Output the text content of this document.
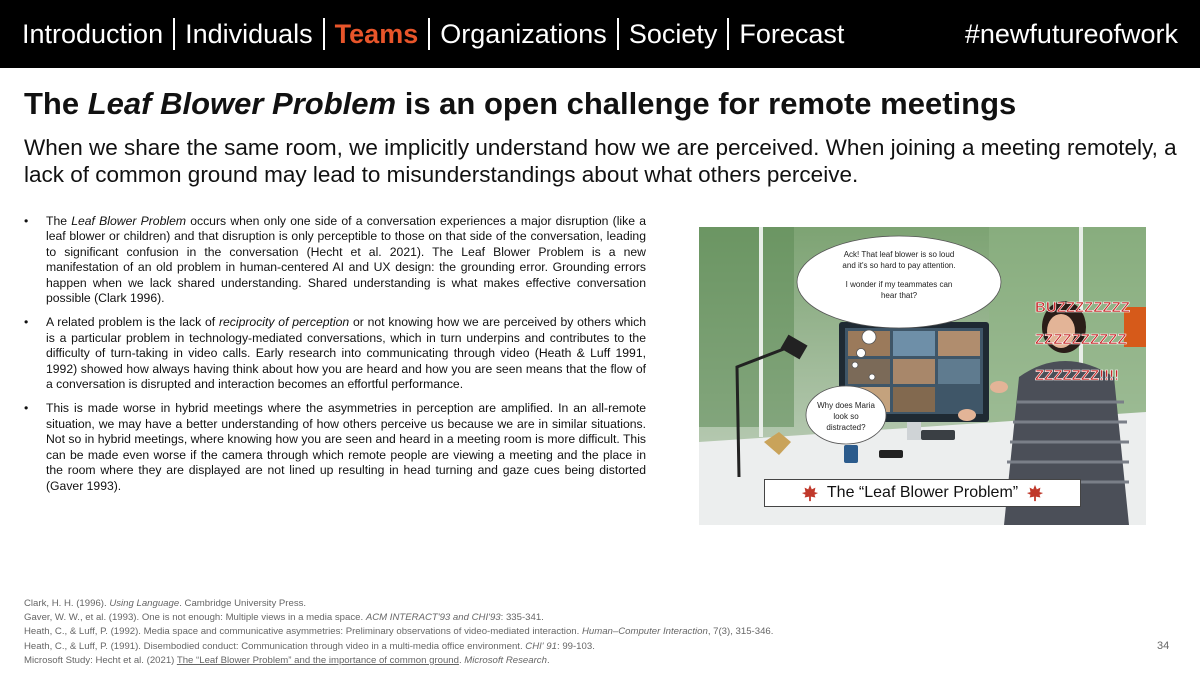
Introduction Individuals Teams Organizations Society Forecast	#newfutureofwork
The Leaf Blower Problem is an open challenge for remote meetings

When we share the same room, we implicitly understand how we are perceived. When joining a meeting remotely, a lack of common ground may lead to misunderstandings about what others perceive.

•	The Leaf Blower Problem occurs when only one side of a conversation experiences a major disruption (like a leaf blower or children) and that disruption is only perceptible to those on that side of the conversation, leading to significant confusion in the conversation (Hecht et al. 2021). The Leaf Blower Problem is a new manifestation of an old problem in human-centered AI and UX design: the grounding error. Grounding errors happen when we lack shared understanding. Shared understanding is what makes effective conversation possible (Clark 1996).
•	A related problem is the lack of reciprocity of perception or not knowing how we are perceived by others which is a particular problem in technology-mediated conversations, which in turn underpins and contributes to the difficulty of turn-taking in video calls. Early research into communicating through video (Heath & Luff 1991, 1992) showed how always having think about how you are heard and how you are seen means that the flow of a conversation is disrupted and interaction becomes an effortful performance.
•	This is made worse in hybrid meetings where the asymmetries in perception are amplified. In an all-remote situation, we may have a better understanding of how others perceive us because we are in similar situations. Not so in hybrid meetings, where knowing how you are seen and heard in a meeting room is more difficult. This can be made even worse if the camera through which remote people are viewing a meeting and the place in the room where they are displayed are not lined up resulting in head turning and gaze cues being distorted (Gaver 1993).
Ack! That leaf blower is so loud
and it's so hard to pay attention.
I wonder if my teammates can
hear that?
Why does Maria
look so
distracted?
BUZZZZZZZZ
ZZZZZZZZZZ
ZZZZZZZ!!!!
The “Leaf Blower Problem”
Clark, H. H. (1996). Using Language. Cambridge University Press.
Gaver, W. W., et al. (1993). One is not enough: Multiple views in a media space. ACM INTERACT'93 and CHI'93: 335-341.
Heath, C., & Luff, P. (1992). Media space and communicative asymmetries: Preliminary observations of video-mediated interaction. Human–Computer Interaction, 7(3), 315-346.
Heath, C., & Luff, P. (1991). Disembodied conduct: Communication through video in a multi-media office environment. CHI' 91: 99-103.
Microsoft Study: Hecht et al. (2021) The “Leaf Blower Problem” and the importance of common ground. Microsoft Research.
34
